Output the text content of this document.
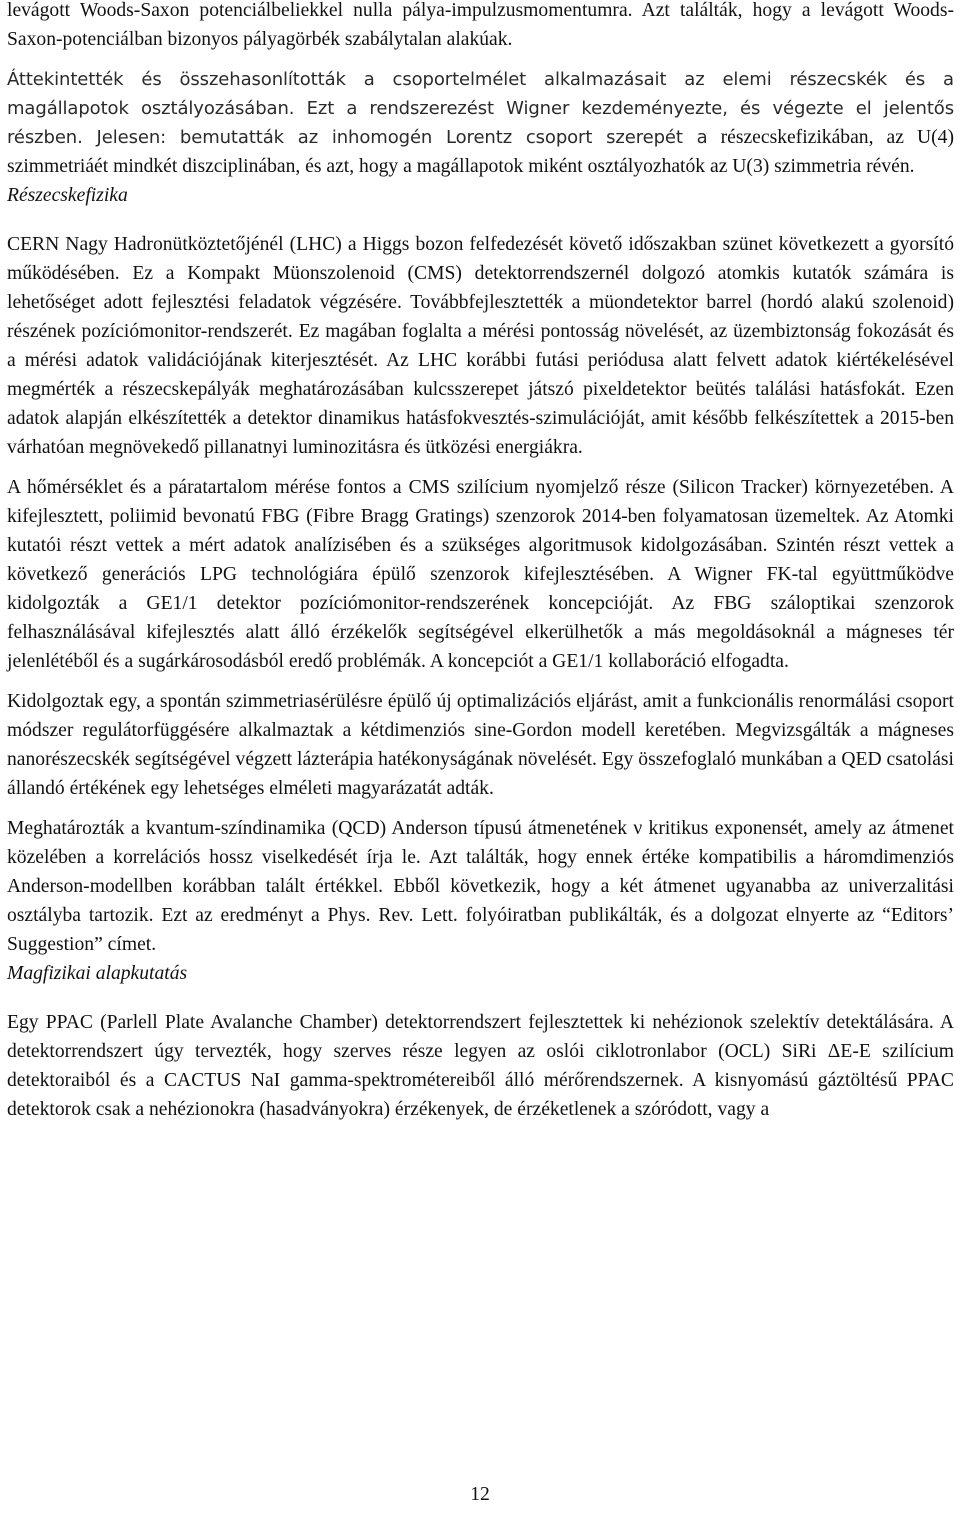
levágott Woods-Saxon potenciálbeliekkel nulla pálya-impulzusmomentumra. Azt találták, hogy a levágott Woods-Saxon-potenciálban bizonyos pályagörbék szabálytalan alakúak.

Áttekintették és összehasonlították a csoportelmélet alkalmazásait az elemi részecskék és a magállapotok osztályozásában. Ezt a rendszerezést Wigner kezdeményezte, és végezte el jelentős részben. Jelesen: bemutatták az inhomogén Lorentz csoport szerepét a részecskefizikában, az U(4) szimmetriáét mindkét diszciplinában, és azt, hogy a magállapotok miként osztályozhatók az U(3) szimmetria révén.

Részecskefizika

CERN Nagy Hadronütköztetőjénél (LHC) a Higgs bozon felfedezését követő időszakban szünet következett a gyorsító működésében. Ez a Kompakt Müonszolenoid (CMS) detektorrendszernél dolgozó atomkis kutatók számára is lehetőséget adott fejlesztési feladatok végzésére. Továbbfejlesztették a müondetektor barrel (hordó alakú szolenoid) részének pozíciómonitor-rendszerét. Ez magában foglalta a mérési pontosság növelését, az üzembiztonság fokozását és a mérési adatok validációjának kiterjesztését. Az LHC korábbi futási periódusa alatt felvett adatok kiértékelésével megmérték a részecskepályák meghatározásában kulcsszerepet játszó pixeldetektor beütés találási hatásfokát. Ezen adatok alapján elkészítették a detektor dinamikus hatásfokvesztés-szimulációját, amit később felkészítettek a 2015-ben várhatóan megnövekedő pillanatnyi luminozitásra és ütközési energiákra.

A hőmérséklet és a páratartalom mérése fontos a CMS szilícium nyomjelző része (Silicon Tracker) környezetében. A kifejlesztett, poliimid bevonatú FBG (Fibre Bragg Gratings) szenzorok 2014-ben folyamatosan üzemeltek. Az Atomki kutatói részt vettek a mért adatok analízisében és a szükséges algoritmusok kidolgozásában. Szintén részt vettek a következő generációs LPG technológiára épülő szenzorok kifejlesztésében. A Wigner FK-tal együttműködve kidolgozták a GE1/1 detektor pozíciómonitor-rendszerének koncepcióját. Az FBG száloptikai szenzorok felhasználásával kifejlesztés alatt álló érzékelők segítségével elkerülhetők a más megoldásoknál a mágneses tér jelenlétéből és a sugárkárosodásból eredő problémák. A koncepciót a GE1/1 kollaboráció elfogadta.

Kidolgoztak egy, a spontán szimmetriasérülésre épülő új optimalizációs eljárást, amit a funkcionális renormálási csoport módszer regulátorfüggésére alkalmaztak a kétdimenziós sine-Gordon modell keretében. Megvizsgálták a mágneses nanorészecskék segítségével végzett lázterápia hatékonyságának növelését. Egy összefoglaló munkában a QED csatolási állandó értékének egy lehetséges elméleti magyarázatát adták.

Meghatározták a kvantum-színdinamika (QCD) Anderson típusú átmenetének ν kritikus exponensét, amely az átmenet közelében a korrelációs hossz viselkedését írja le. Azt találták, hogy ennek értéke kompatibilis a háromdimenziós Anderson-modellben korábban talált értékkel. Ebből következik, hogy a két átmenet ugyanabba az univerzalitási osztályba tartozik. Ezt az eredményt a Phys. Rev. Lett. folyóiratban publikálták, és a dolgozat elnyerte az “Editors’ Suggestion” címet.

Magfizikai alapkutatás

Egy PPAC (Parlell Plate Avalanche Chamber) detektorrendszert fejlesztettek ki nehézionok szelektív detektálására. A detektorrendszert úgy tervezték, hogy szerves része legyen az oslói ciklotronlabor (OCL) SiRi ΔE-E szilícium detektoraiból és a CACTUS NaI gamma-spektrométereiből álló mérőrendszernek. A kisnyomású gáztöltésű PPAC detektorok csak a nehézionokra (hasadványokra) érzékenyek, de érzéketlenek a szóródott, vagy a

12
